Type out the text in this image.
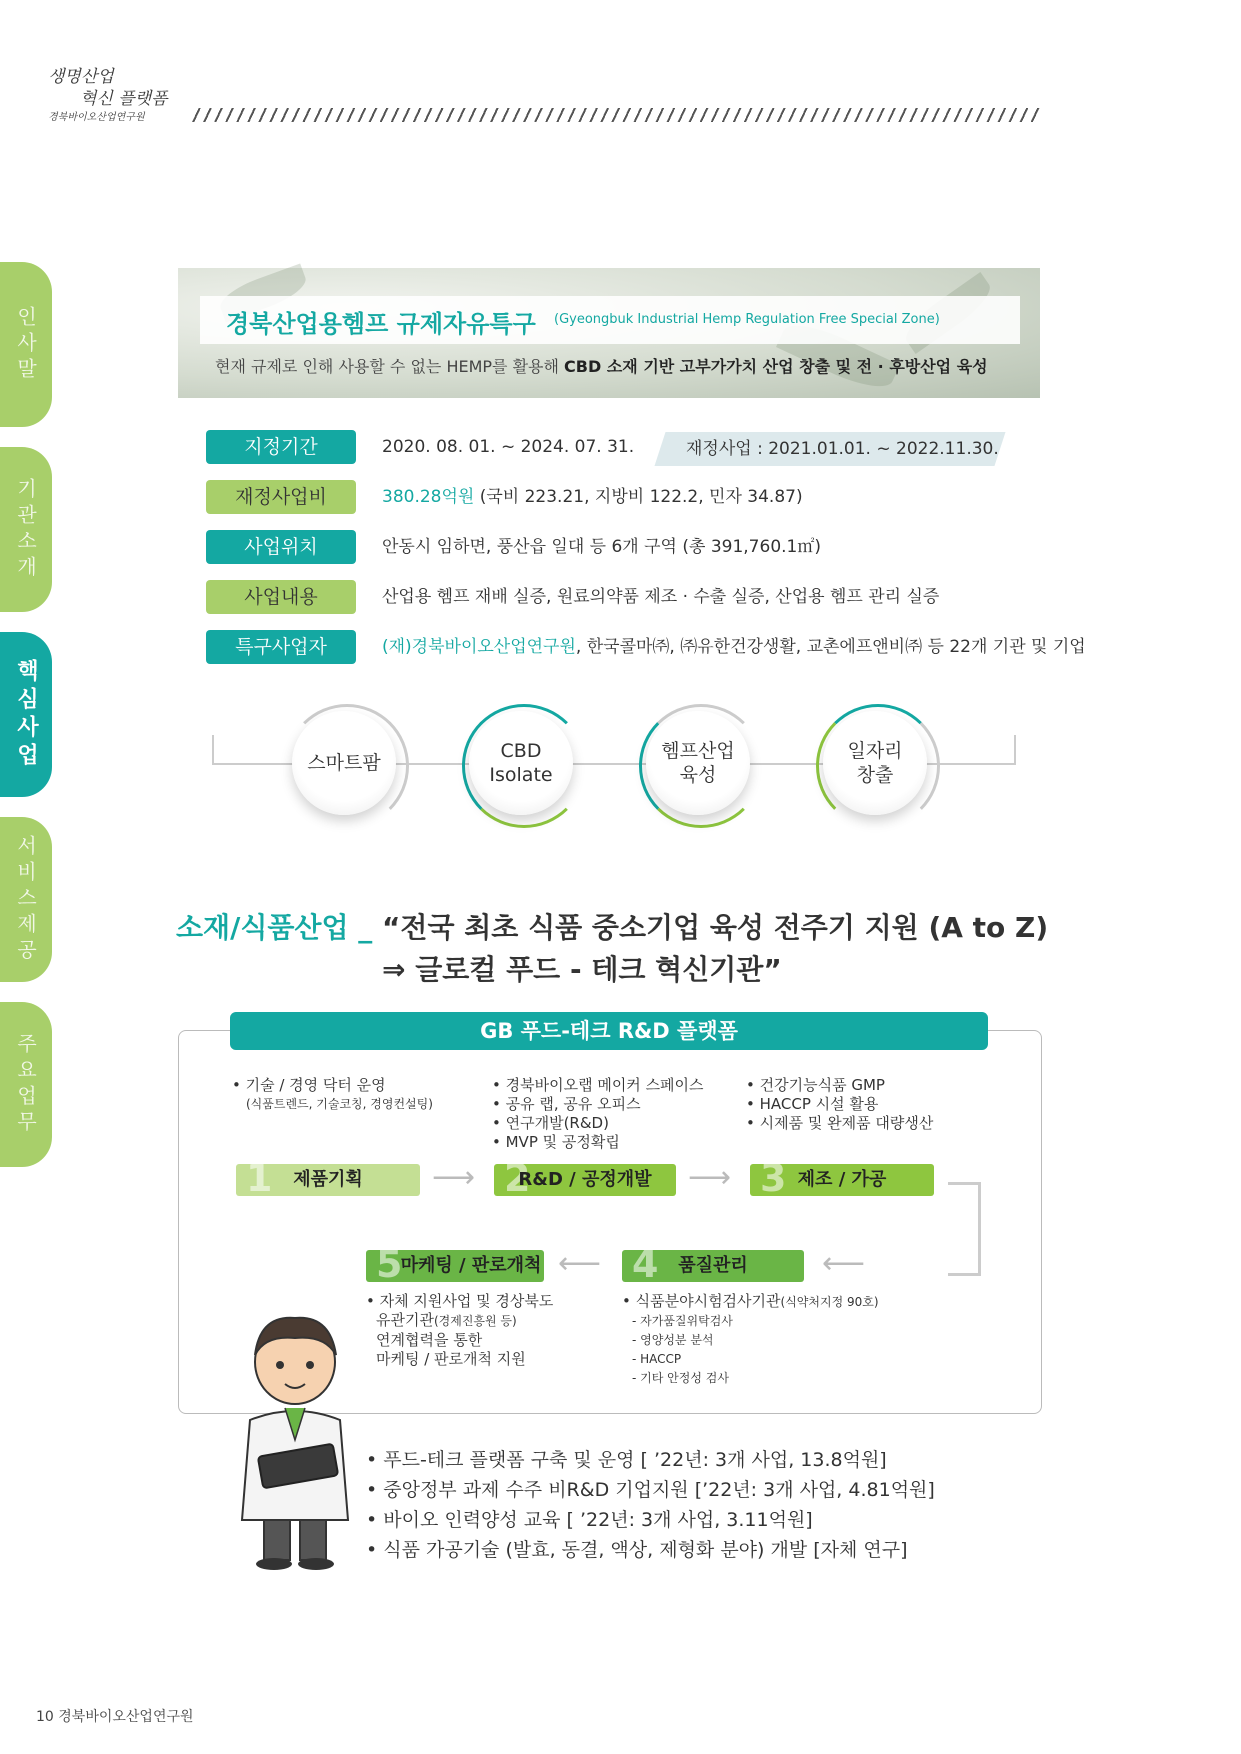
생명산업
혁신 플랫폼
경북바이오산업연구원
인사말
기관소개
핵심사업
서비스제공
주요업무
경북산업용헴프 규제자유특구 (Gyeongbuk Industrial Hemp Regulation Free Special Zone)
현재 규제로 인해 사용할 수 없는 HEMP를 활용해 CBD 소재 기반 고부가가치 산업 창출 및 전 · 후방산업 육성
지정기간	2020. 08. 01. ~ 2024. 07. 31.	재정사업 : 2021.01.01. ~ 2022.11.30.
재정사업비	380.28억원 (국비 223.21, 지방비 122.2, 민자 34.87)
사업위치	안동시 임하면, 풍산읍 일대 등 6개 구역 (총 391,760.1㎡)
사업내용	산업용 헴프 재배 실증, 원료의약품 제조 · 수출 실증, 산업용 헴프 관리 실증
특구사업자	(재)경북바이오산업연구원, 한국콜마㈜, ㈜유한건강생활, 교촌에프앤비㈜ 등 22개 기관 및 기업
스마트팜
CBD
Isolate
헴프산업
육성
일자리
창출
소재/식품산업 _ “전국 최초 식품 중소기업 육성 전주기 지원 (A to Z)
⇒ 글로컬 푸드 - 테크 혁신기관”
GB 푸드-테크 R&D 플랫폼
• 기술 / 경영 닥터 운영
(식품트렌드, 기술코칭, 경영컨설팅)
• 경북바이오랩 메이커 스페이스
• 공유 랩, 공유 오피스
• 연구개발(R&D)
• MVP 및 공정확립
• 건강기능식품 GMP
• HACCP 시설 활용
• 시제품 및 완제품 대량생산
1	제품기획	⟶ 2
R&D / 공정개발	⟶ 3 제조 / 가공
5
마케팅 / 판로개척 ⟵ 4	품질관리	⟵
• 자체 지원사업 및 경상북도
유관기관(경제진흥원 등)
연계협력을 통한
마케팅 / 판로개척 지원
• 식품분야시험검사기관(식약처지정 90호)
- 자가품질위탁검사
- 영양성분 분석
- HACCP
- 기타 안정성 검사
• 푸드-테크 플랫폼 구축 및 운영 [ ’22년: 3개 사업, 13.8억원]
• 중앙정부 과제 수주 비R&D 기업지원 [’22년: 3개 사업, 4.81억원]
• 바이오 인력양성 교육 [ ’22년: 3개 사업, 3.11억원]
• 식품 가공기술 (발효, 동결, 액상, 제형화 분야) 개발 [자체 연구]
10 경북바이오산업연구원
